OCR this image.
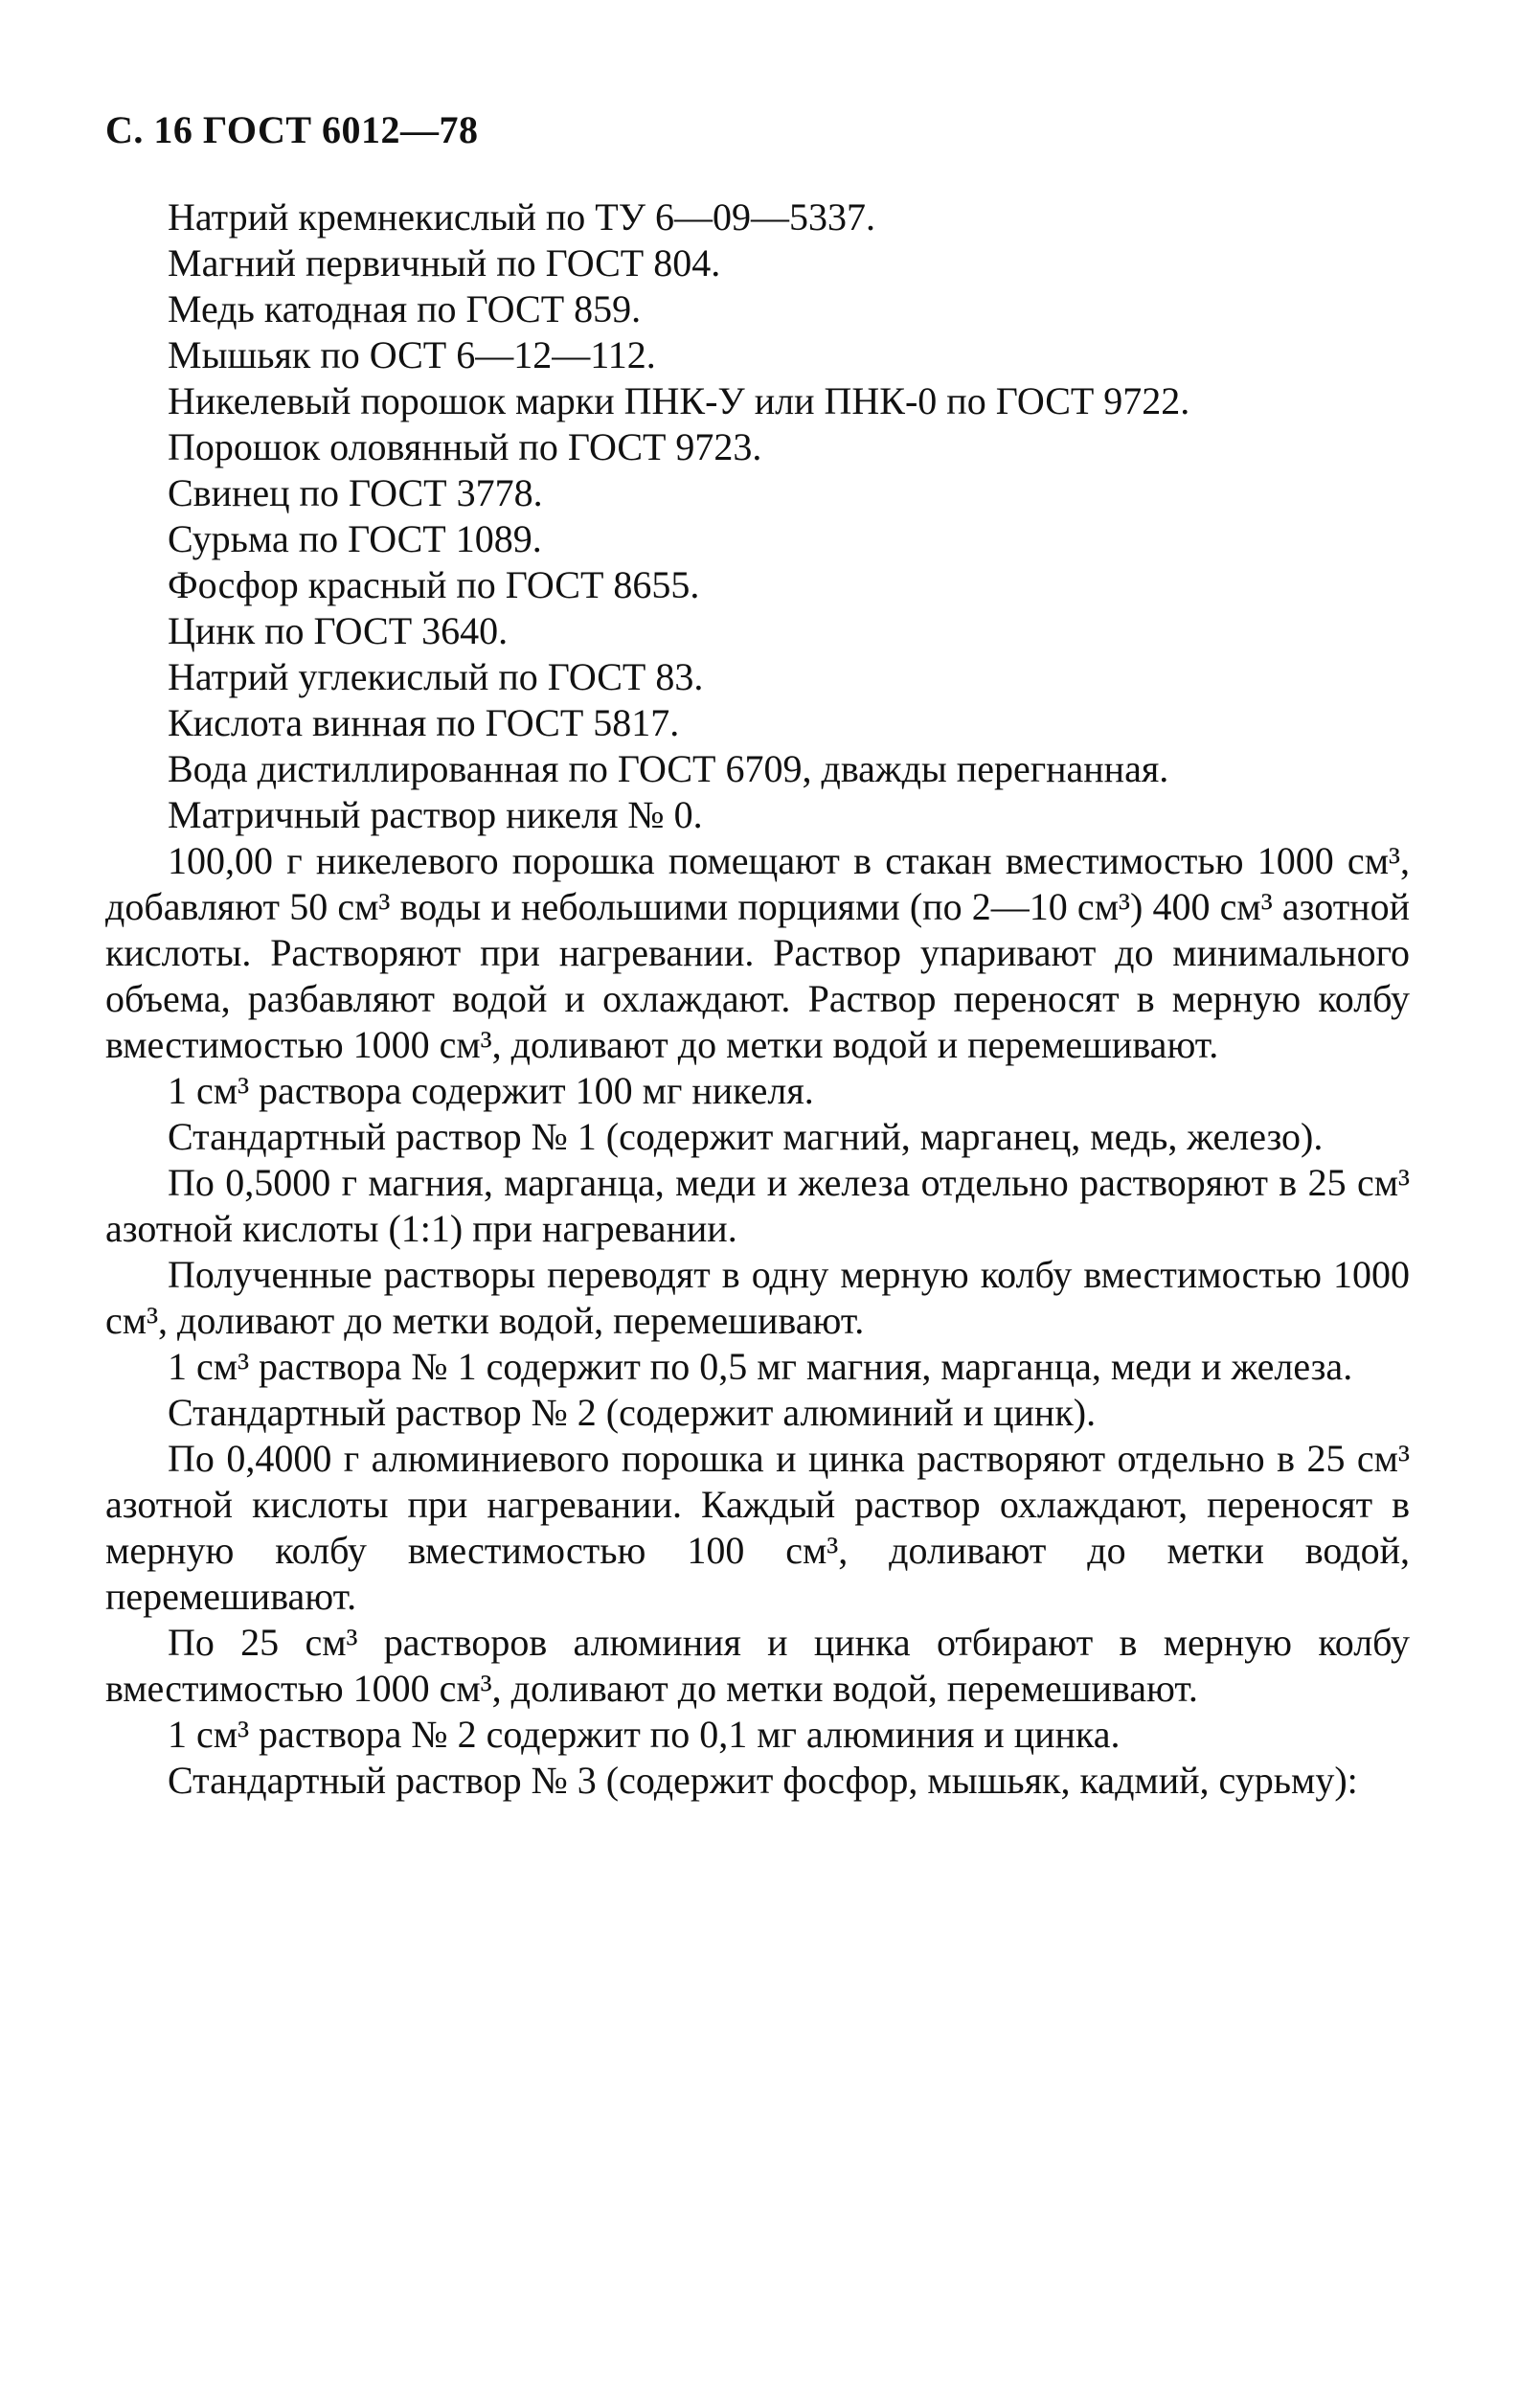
С. 16 ГОСТ 6012—78

Натрий кремнекислый по ТУ 6—09—5337.

Магний первичный по ГОСТ 804.

Медь катодная по ГОСТ 859.

Мышьяк по ОСТ 6—12—112.

Никелевый порошок марки ПНК-У или ПНК-0 по ГОСТ 9722.

Порошок оловянный по ГОСТ 9723.

Свинец по ГОСТ 3778.

Сурьма по ГОСТ 1089.

Фосфор красный по ГОСТ 8655.

Цинк по ГОСТ 3640.

Натрий углекислый по ГОСТ 83.

Кислота винная по ГОСТ 5817.

Вода дистиллированная по ГОСТ 6709, дважды перегнанная.

Матричный раствор никеля № 0.

100,00 г никелевого порошка помещают в стакан вместимостью 1000 см³, добавляют 50 см³ воды и небольшими порциями (по 2—10 см³) 400 см³ азотной кислоты. Растворяют при нагревании. Раствор упаривают до минимального объема, разбавляют водой и охлаждают. Раствор переносят в мерную колбу вместимостью 1000 см³, доливают до метки водой и перемешивают.

1 см³ раствора содержит 100 мг никеля.

Стандартный раствор № 1 (содержит магний, марганец, медь, железо).

По 0,5000 г магния, марганца, меди и железа отдельно растворяют в 25 см³ азотной кислоты (1:1) при нагревании.

Полученные растворы переводят в одну мерную колбу вместимостью 1000 см³, доливают до метки водой, перемешивают.

1 см³ раствора № 1 содержит по 0,5 мг магния, марганца, меди и железа.

Стандартный раствор № 2 (содержит алюминий и цинк).

По 0,4000 г алюминиевого порошка и цинка растворяют отдельно в 25 см³ азотной кислоты при нагревании. Каждый раствор охлаждают, переносят в мерную колбу вместимостью 100 см³, доливают до метки водой, перемешивают.

По 25 см³ растворов алюминия и цинка отбирают в мерную колбу вместимостью 1000 см³, доливают до метки водой, перемешивают.

1 см³ раствора № 2 содержит по 0,1 мг алюминия и цинка.

Стандартный раствор № 3 (содержит фосфор, мышьяк, кадмий, сурьму):
